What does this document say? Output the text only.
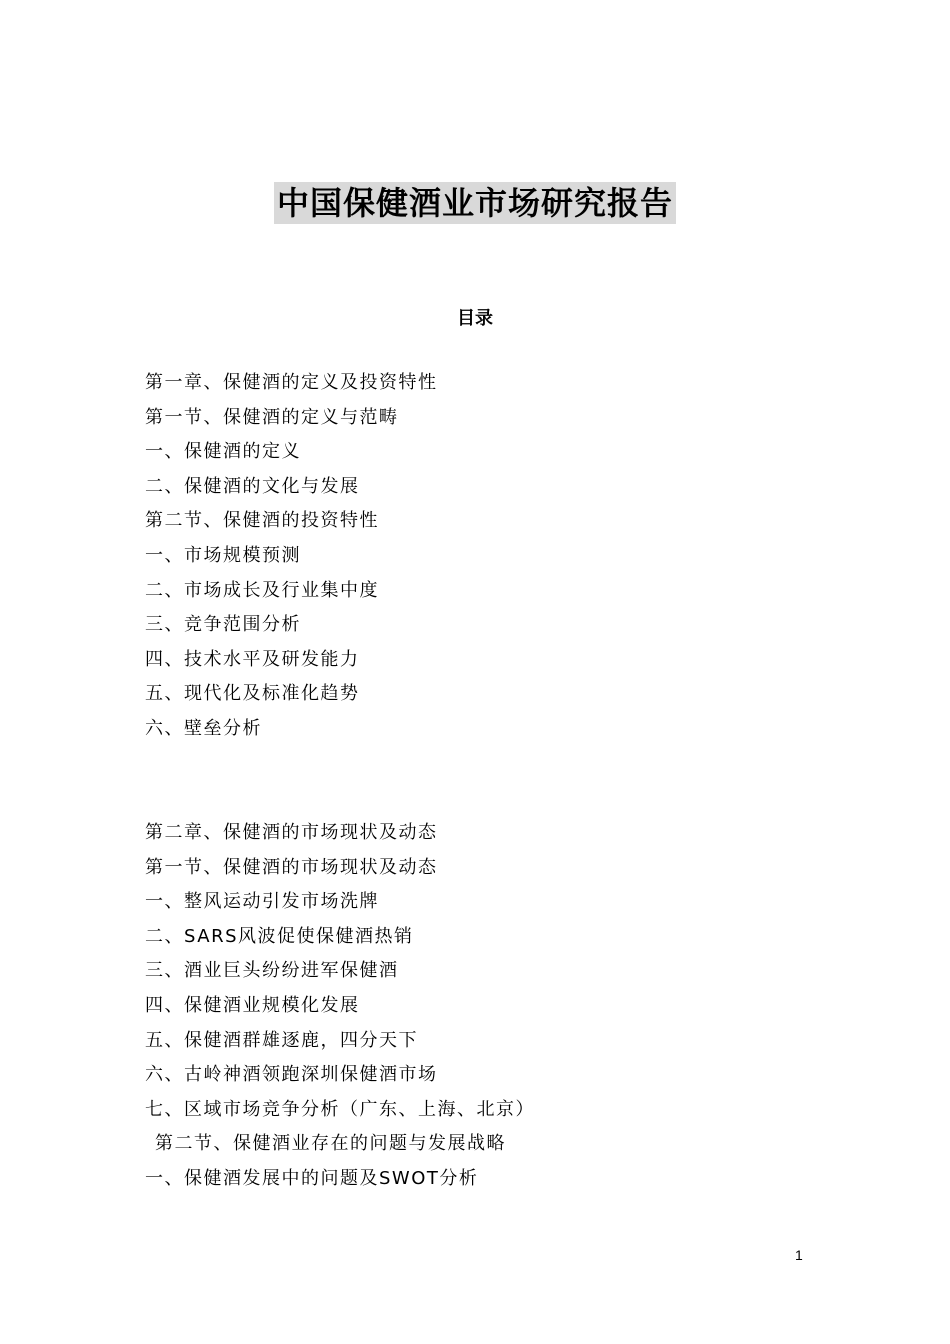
中国保健酒业市场研究报告
目录
第一章、保健酒的定义及投资特性
第一节、保健酒的定义与范畴
一、保健酒的定义
二、保健酒的文化与发展
第二节、保健酒的投资特性
一、市场规模预测
二、市场成长及行业集中度
三、竞争范围分析
四、技术水平及研发能力
五、现代化及标准化趋势
六、壁垒分析
第二章、保健酒的市场现状及动态
第一节、保健酒的市场现状及动态
一、整风运动引发市场洗牌
二、SARS风波促使保健酒热销
三、酒业巨头纷纷进军保健酒
四、保健酒业规模化发展
五、保健酒群雄逐鹿，四分天下
六、古岭神酒领跑深圳保健酒市场
七、区域市场竞争分析（广东、上海、北京）
第二节、保健酒业存在的问题与发展战略
一、保健酒发展中的问题及SWOT分析
1
